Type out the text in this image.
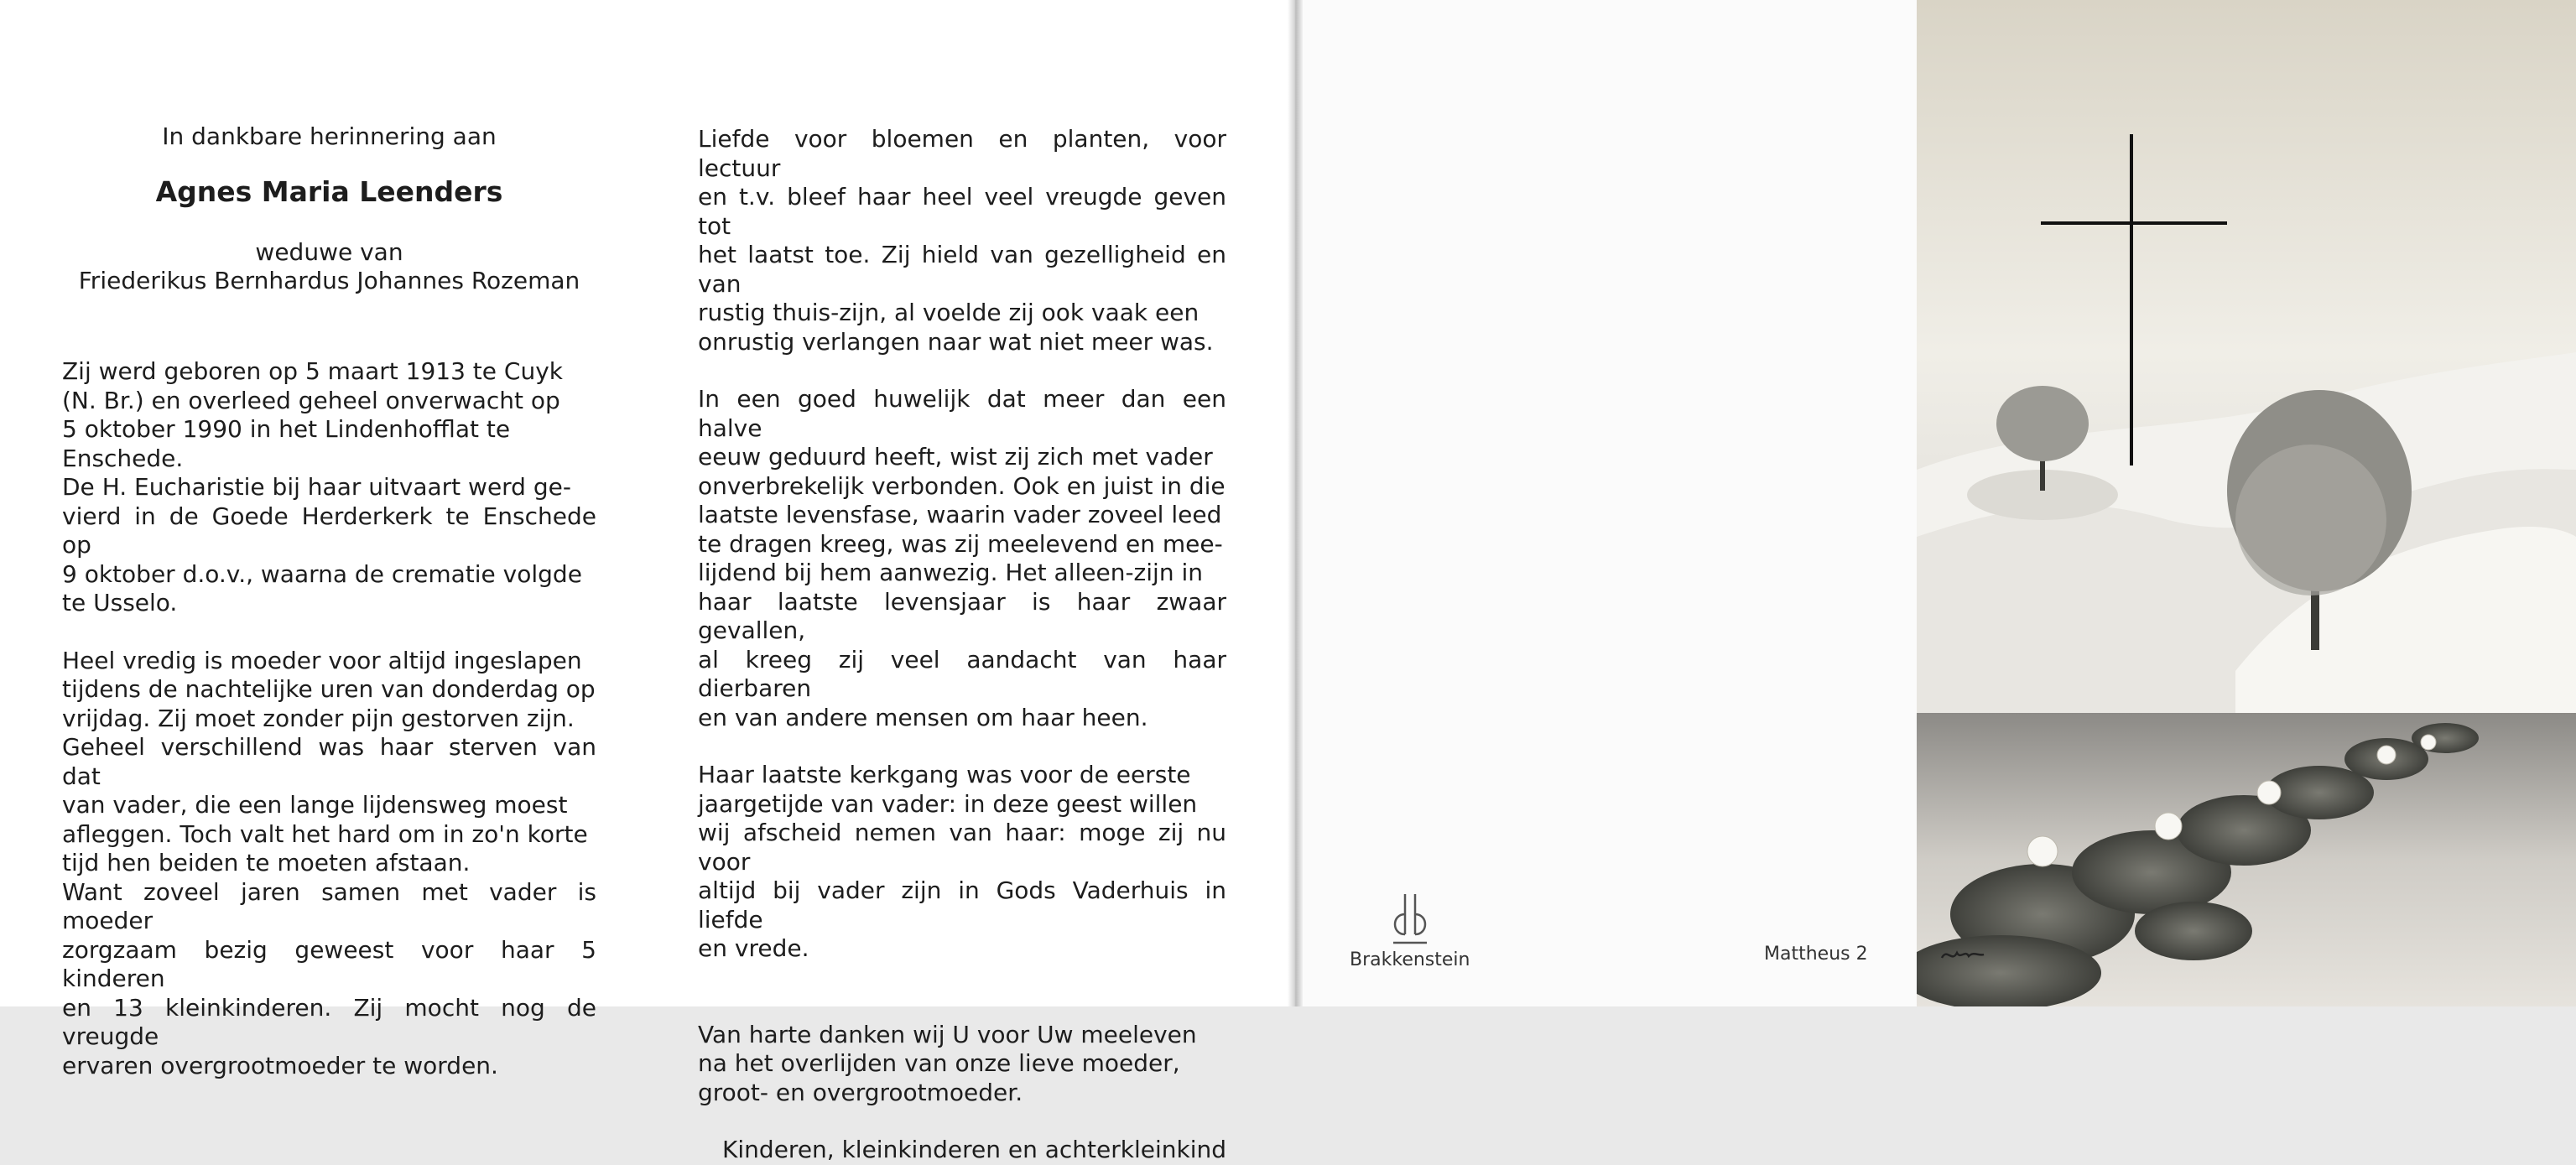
In dankbare herinnering aan
Agnes Maria Leenders
weduwe van
Friederikus Bernhardus Johannes Rozeman
Zij werd geboren op 5 maart 1913 te Cuyk
(N. Br.) en overleed geheel onverwacht op
5 oktober 1990 in het Lindenhofflat te
Enschede.
De H. Eucharistie bij haar uitvaart werd ge-
vierd in de Goede Herderkerk te Enschede op
9 oktober d.o.v., waarna de crematie volgde
te Usselo.
Heel vredig is moeder voor altijd ingeslapen
tijdens de nachtelijke uren van donderdag op
vrijdag. Zij moet zonder pijn gestorven zijn.
Geheel verschillend was haar sterven van dat
van vader, die een lange lijdensweg moest
afleggen. Toch valt het hard om in zo'n korte
tijd hen beiden te moeten afstaan.
Want zoveel jaren samen met vader is moeder
zorgzaam bezig geweest voor haar 5 kinderen
en 13 kleinkinderen. Zij mocht nog de vreugde
ervaren overgrootmoeder te worden.
Liefde voor bloemen en planten, voor lectuur
en t.v. bleef haar heel veel vreugde geven tot
het laatst toe. Zij hield van gezelligheid en van
rustig thuis-zijn, al voelde zij ook vaak een
onrustig verlangen naar wat niet meer was.
In een goed huwelijk dat meer dan een halve
eeuw geduurd heeft, wist zij zich met vader
onverbrekelijk verbonden. Ook en juist in die
laatste levensfase, waarin vader zoveel leed
te dragen kreeg, was zij meelevend en mee-
lijdend bij hem aanwezig. Het alleen-zijn in
haar laatste levensjaar is haar zwaar gevallen,
al kreeg zij veel aandacht van haar dierbaren
en van andere mensen om haar heen.
Haar laatste kerkgang was voor de eerste
jaargetijde van vader: in deze geest willen
wij afscheid nemen van haar: moge zij nu voor
altijd bij vader zijn in Gods Vaderhuis in liefde
en vrede.
Van harte danken wij U voor Uw meeleven
na het overlijden van onze lieve moeder,
groot- en overgrootmoeder.
Kinderen, kleinkinderen en achterkleinkind
Brakkenstein	Mattheus 2
